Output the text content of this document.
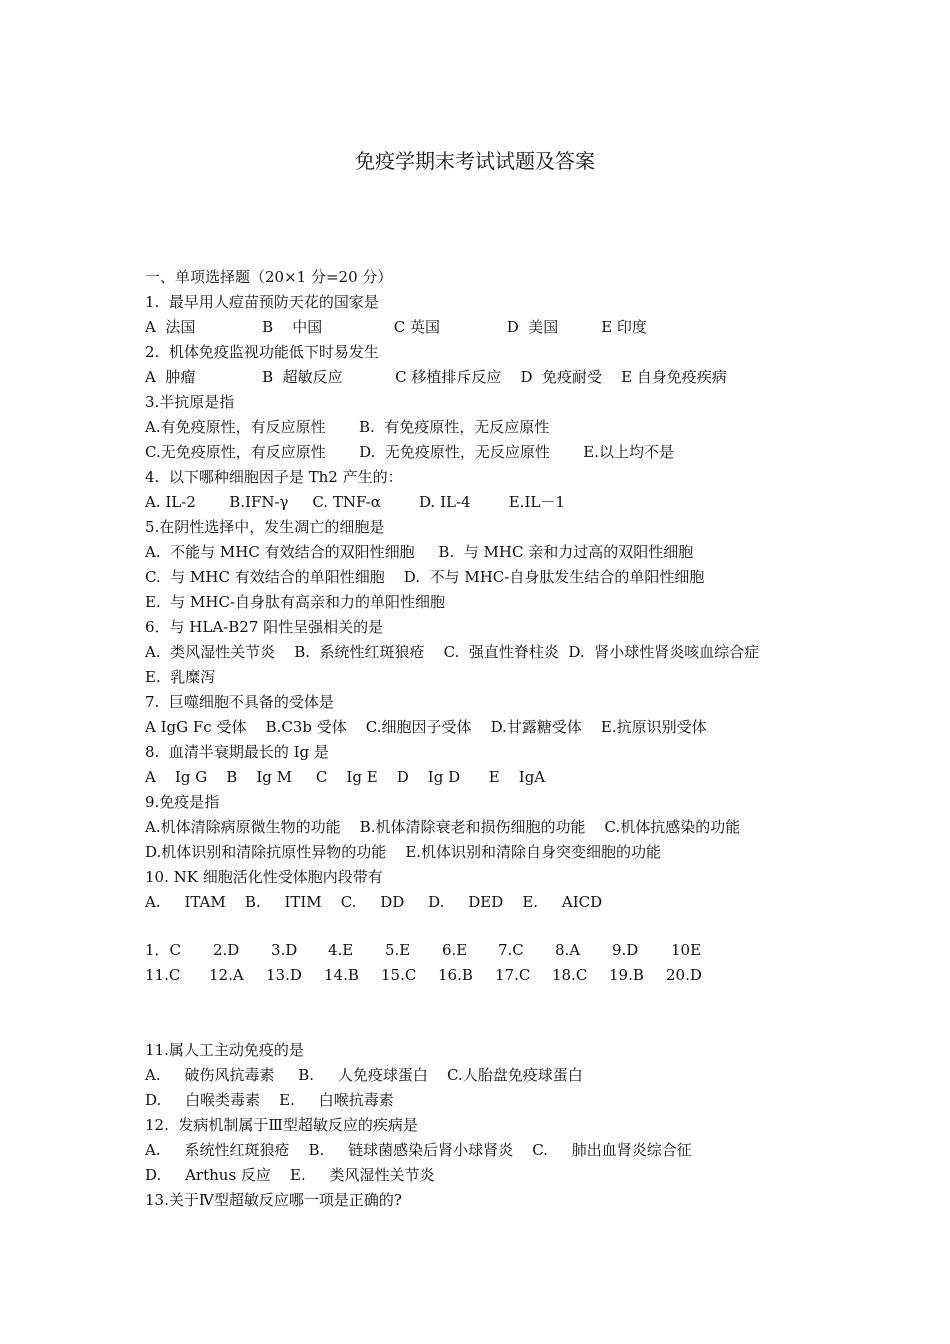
免疫学期末考试试题及答案
一、单项选择题（20×1 分=20 分）
1.  最早用人痘苗预防天花的国家是
A  法国              B    中国               C 英国              D  美国         E 印度
2.  机体免疫监视功能低下时易发生
A  肿瘤              B  超敏反应           C 移植排斥反应    D  免疫耐受    E 自身免疫疾病
3.半抗原是指
A.有免疫原性，有反应原性       B.  有免疫原性，无反应原性
C.无免疫原性，有反应原性       D.  无免疫原性，无反应原性       E.以上均不是
4.  以下哪种细胞因子是 Th2 产生的：
A. IL-2       B.IFN-γ     C. TNF-α        D. IL-4        E.IL－1
5.在阴性选择中，发生凋亡的细胞是
A.  不能与 MHC 有效结合的双阳性细胞     B.  与 MHC 亲和力过高的双阳性细胞
C.  与 MHC 有效结合的单阳性细胞    D.  不与 MHC-自身肽发生结合的单阳性细胞
E.  与 MHC-自身肽有高亲和力的单阳性细胞
6．与 HLA-B27 阳性呈强相关的是
A.  类风湿性关节炎    B.  系统性红斑狼疮    C.  强直性脊柱炎  D.  肾小球性肾炎咳血综合症
E.  乳糜泻
7.  巨噬细胞不具备的受体是
A IgG Fc 受体    B.C3b 受体    C.细胞因子受体    D.甘露糖受体    E.抗原识别受体
8.  血清半衰期最长的 Ig 是
A    Ig G    B    Ig M     C    Ig E    D    Ig D      E    IgA
9.免疫是指
A.机体清除病原微生物的功能    B.机体清除衰老和损伤细胞的功能    C.机体抗感染的功能
D.机体识别和清除抗原性异物的功能    E.机体识别和清除自身突变细胞的功能
10. NK 细胞活化性受体胞内段带有
A.     ITAM    B.     ITIM    C.     DD     D.     DED    E.     AICD
1．C 2.D 3.D 4.E 5.E 6.E 7.C 8.A 9.D 10E
11.C 12.A 13.D 14.B 15.C 16.B 17.C 18.C 19.B 20.D
11.属人工主动免疫的是
A.     破伤风抗毒素     B.     人免疫球蛋白    C.人胎盘免疫球蛋白
D.     白喉类毒素    E.     白喉抗毒素
12.  发病机制属于Ⅲ型超敏反应的疾病是
A.     系统性红斑狼疮    B.     链球菌感染后肾小球肾炎    C.     肺出血肾炎综合征
D.     Arthus 反应    E.     类风湿性关节炎
13.关于Ⅳ型超敏反应哪一项是正确的?
